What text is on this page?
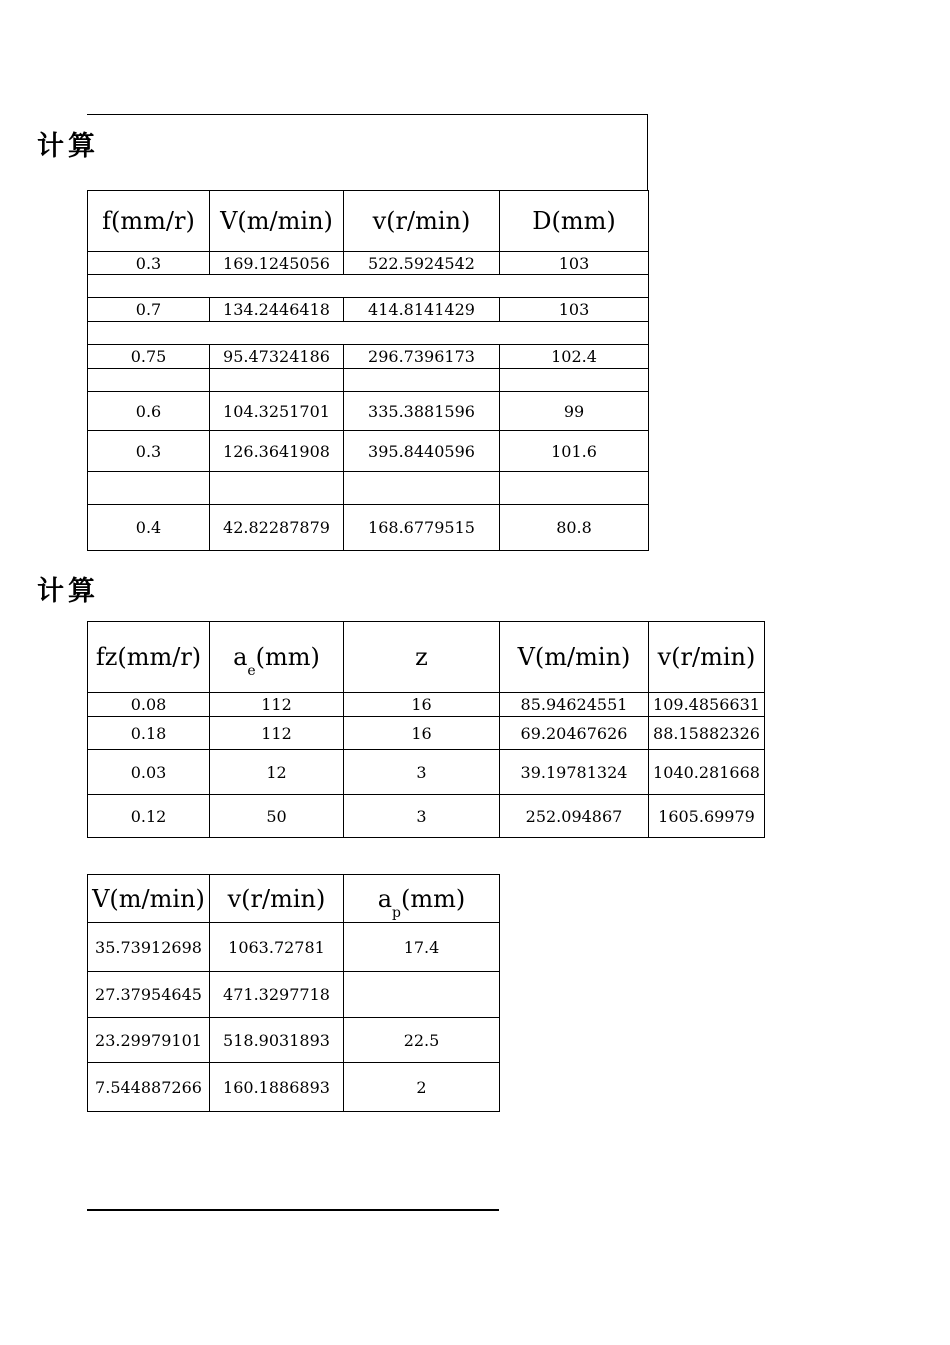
计算
f(mm/r)	V(m/min)	v(r/min)	D(mm)
0.3	169.1245056	522.5924542	103

0.7	134.2446418	414.8141429	103

0.75	95.47324186	296.7396173	102.4

0.6	104.3251701	335.3881596	99
0.3	126.3641908	395.8440596	101.6

0.4	42.82287879	168.6779515	80.8
计算
fz(mm/r)	$a_e(mm)$	z	V(m/min)	v(r/min)
0.08	112	16	85.94624551	109.4856631
0.18	112	16	69.20467626	88.15882326
0.03	12	3	39.19781324	1040.281668
0.12	50	3	252.094867	1605.69979
V(m/min)	v(r/min)	$a_p(mm)$
35.73912698	1063.72781	17.4
27.37954645	471.3297718	
23.29979101	518.9031893	22.5
7.544887266	160.1886893	2
